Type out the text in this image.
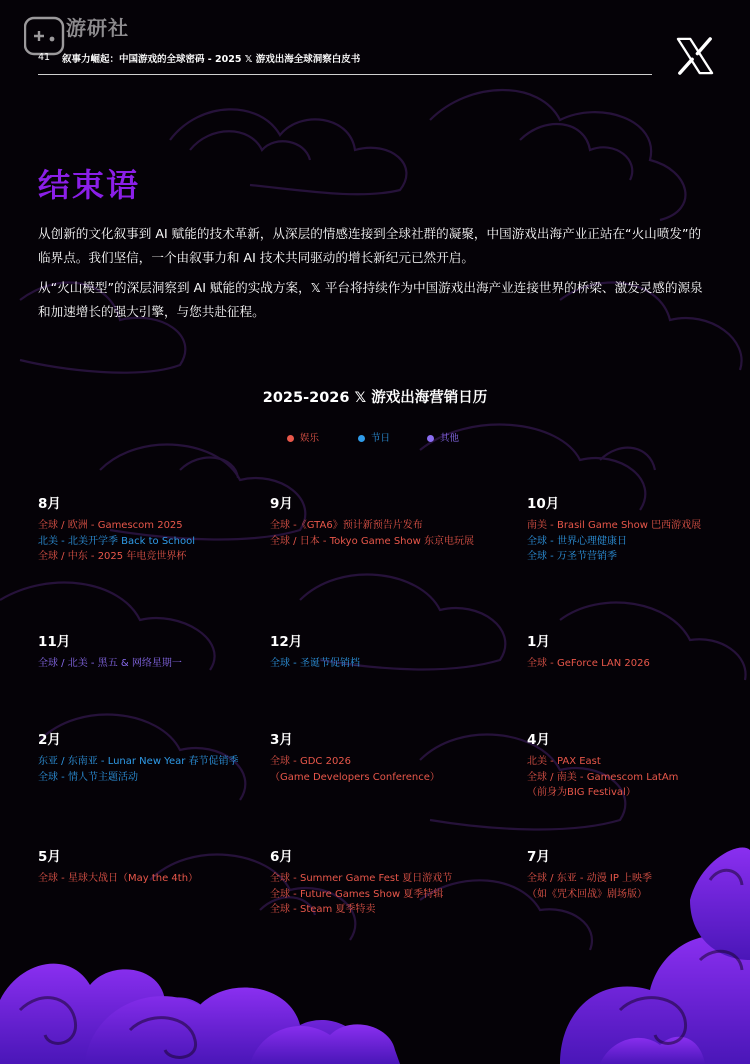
游研社
41 叙事力崛起：中国游戏的全球密码 - 2025 𝕏 游戏出海全球洞察白皮书
结束语

从创新的文化叙事到 AI 赋能的技术革新，从深层的情感连接到全球社群的凝聚，中国游戏出海产业正站在“火山喷发”的临界点。我们坚信，一个由叙事力和 AI 技术共同驱动的增长新纪元已然开启。

从“火山模型”的深层洞察到 AI 赋能的实战方案，𝕏 平台将持续作为中国游戏出海产业连接世界的桥梁、激发灵感的源泉和加速增长的强大引擎，与您共赴征程。

2025-2026 𝕏 游戏出海营销日历
娱乐	节日	其他
8月
全球 / 欧洲 - Gamescom 2025
北美 - 北美开学季 Back to School
全球 / 中东 - 2025 年电竞世界杯
9月
全球 -《GTA6》预计新预告片发布
全球 / 日本 - Tokyo Game Show 东京电玩展
10月
南美 - Brasil Game Show 巴西游戏展
全球 - 世界心理健康日
全球 - 万圣节营销季
11月
全球 / 北美 - 黑五 & 网络星期一
12月
全球 - 圣诞节促销档
1月
全球 - GeForce LAN 2026
2月
东亚 / 东南亚 - Lunar New Year 春节促销季
全球 - 情人节主题活动
3月
全球 - GDC 2026
（Game Developers Conference）
4月
北美 - PAX East
全球 / 南美 - Gamescom LatAm
（前身为BIG Festival）
5月
全球 - 星球大战日（May the 4th）
6月
全球 - Summer Game Fest 夏日游戏节
全球 - Future Games Show 夏季特辑
全球 - Steam 夏季特卖
7月
全球 / 东亚 - 动漫 IP 上映季
（如《咒术回战》剧场版）
